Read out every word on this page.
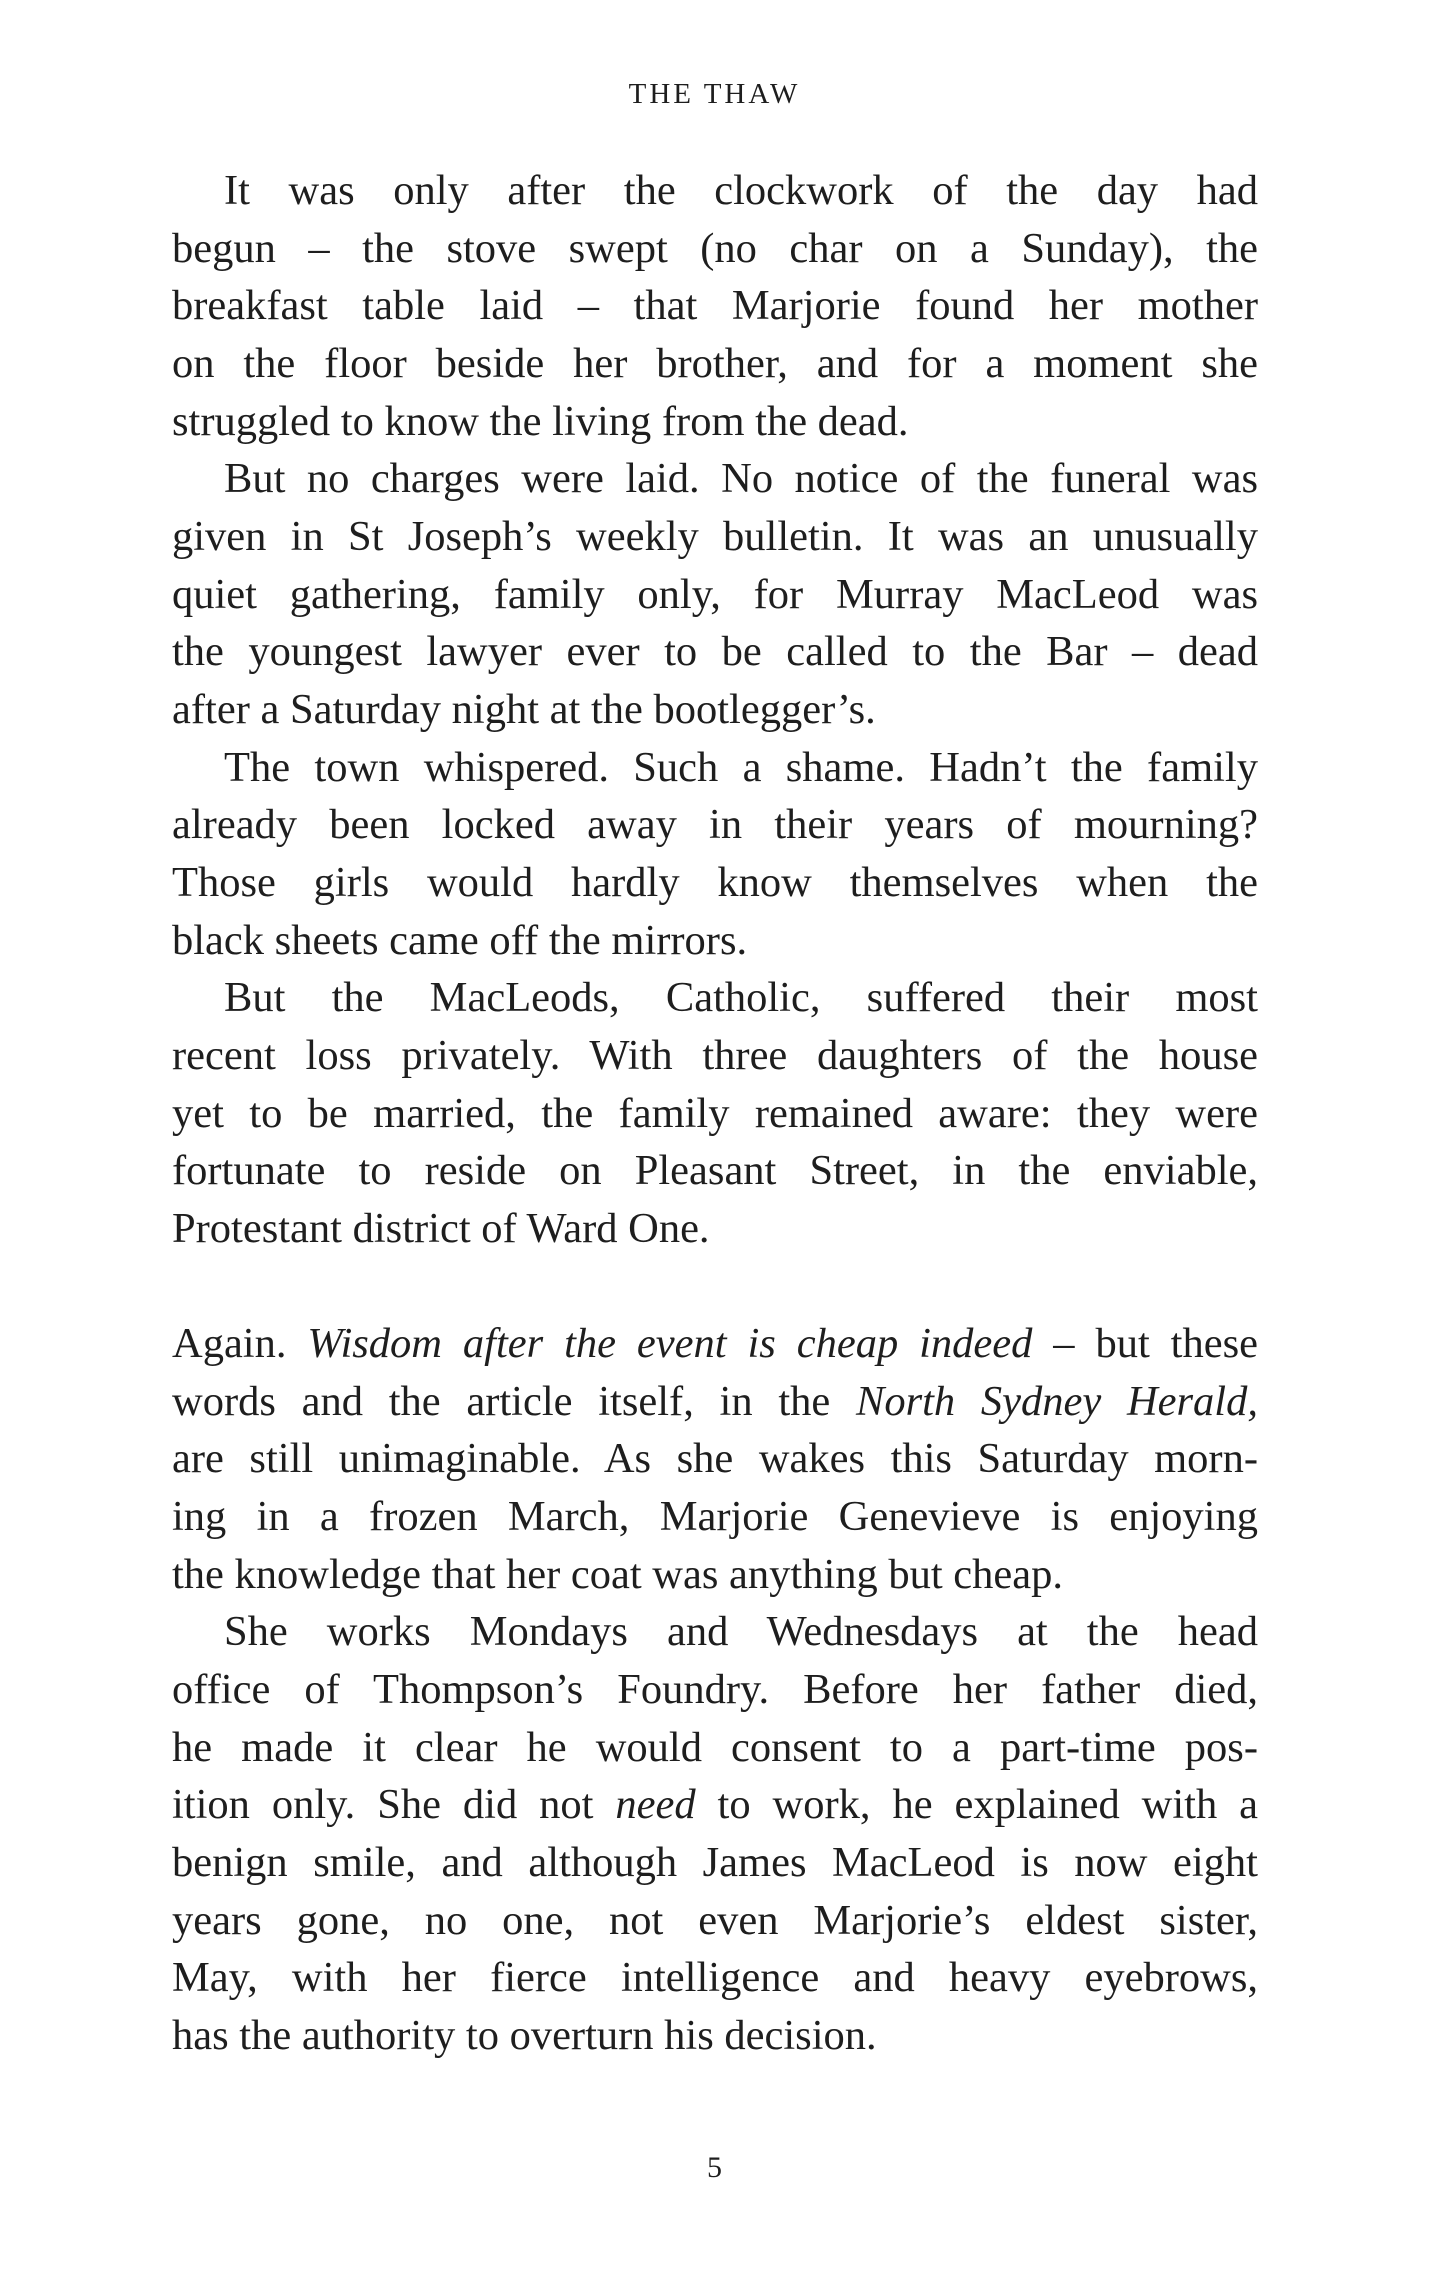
THE THAW
It was only after the clockwork of the day had
begun – the stove swept (no char on a Sunday), the
breakfast table laid – that Marjorie found her mother
on the floor beside her brother, and for a moment she
struggled to know the living from the dead.
But no charges were laid. No notice of the funeral was
given in St Joseph’s weekly bulletin. It was an unusually
quiet gathering, family only, for Murray MacLeod was
the youngest lawyer ever to be called to the Bar – dead
after a Saturday night at the bootlegger’s.
The town whispered. Such a shame. Hadn’t the family
already been locked away in their years of mourning?
Those girls would hardly know themselves when the
black sheets came off the mirrors.
But the MacLeods, Catholic, suffered their most
recent loss privately. With three daughters of the house
yet to be married, the family remained aware: they were
fortunate to reside on Pleasant Street, in the enviable,
Protestant district of Ward One.
Again. Wisdom after the event is cheap indeed – but these
words and the article itself, in the North Sydney Herald,
are still unimaginable. As she wakes this Saturday morn-
ing in a frozen March, Marjorie Genevieve is enjoying
the knowledge that her coat was anything but cheap.
She works Mondays and Wednesdays at the head
office of Thompson’s Foundry. Before her father died,
he made it clear he would consent to a part-time pos-
ition only. She did not need to work, he explained with a
benign smile, and although James MacLeod is now eight
years gone, no one, not even Marjorie’s eldest sister,
May, with her fierce intelligence and heavy eyebrows,
has the authority to overturn his decision.
5
